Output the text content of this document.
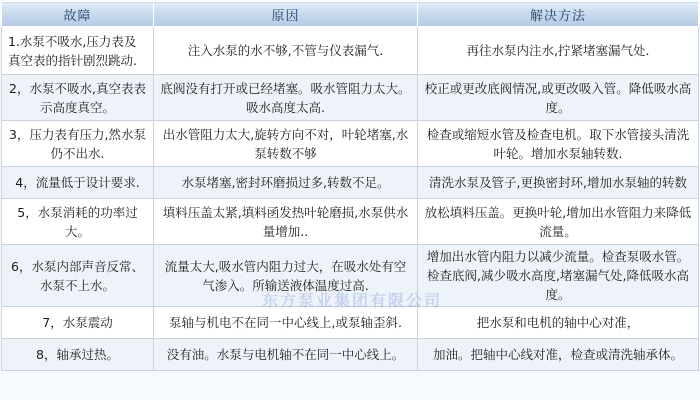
故障	原因	解决方法
1.水泵不吸水,压力表及真空表的指针剧烈跳动.	注入水泵的水不够,不管与仪表漏气.	再往水泵内注水,拧紧堵塞漏气处.
2，水泵不吸水,真空表表示高度真空。	底阀没有打开或已经堵塞。吸水管阻力太大。吸水高度太高.	校正或更改底阀情况,或更改吸入管。降低吸水高度。
3，压力表有压力,然水泵仍不出水.	出水管阻力太大,旋转方向不对，叶轮堵塞,水泵转数不够	检查或缩短水管及检查电机。取下水管接头清洗叶轮。增加水泵轴转数.
4，流量低于设计要求.	水泵堵塞,密封环磨损过多,转数不足。	清洗水泵及管子,更换密封环,增加水泵轴的转数
5，水泵消耗的功率过大。	填料压盖太紧,填料函发热叶轮磨损,水泵供水量增加..	放松填料压盖。更换叶轮,增加出水管阻力来降低流量。
6，水泵内部声音反常、水泵不上水。	流量太大,吸水管内阻力过大，在吸水处有空气渗入。所输送液体温度过高.	增加出水管内阻力以减少流量。检查泵吸水管。检查底阀,减少吸水高度,堵塞漏气处,降低吸水高度。
7，水泵震动	泵轴与机电不在同一中心线上,或泵轴歪斜.	把水泵和电机的轴中心对准，
8，轴承过热。	没有油。水泵与电机轴不在同一中心线上。	加油。把轴中心线对准，检查或清洗轴承体。
东方泵业集团有限公司
